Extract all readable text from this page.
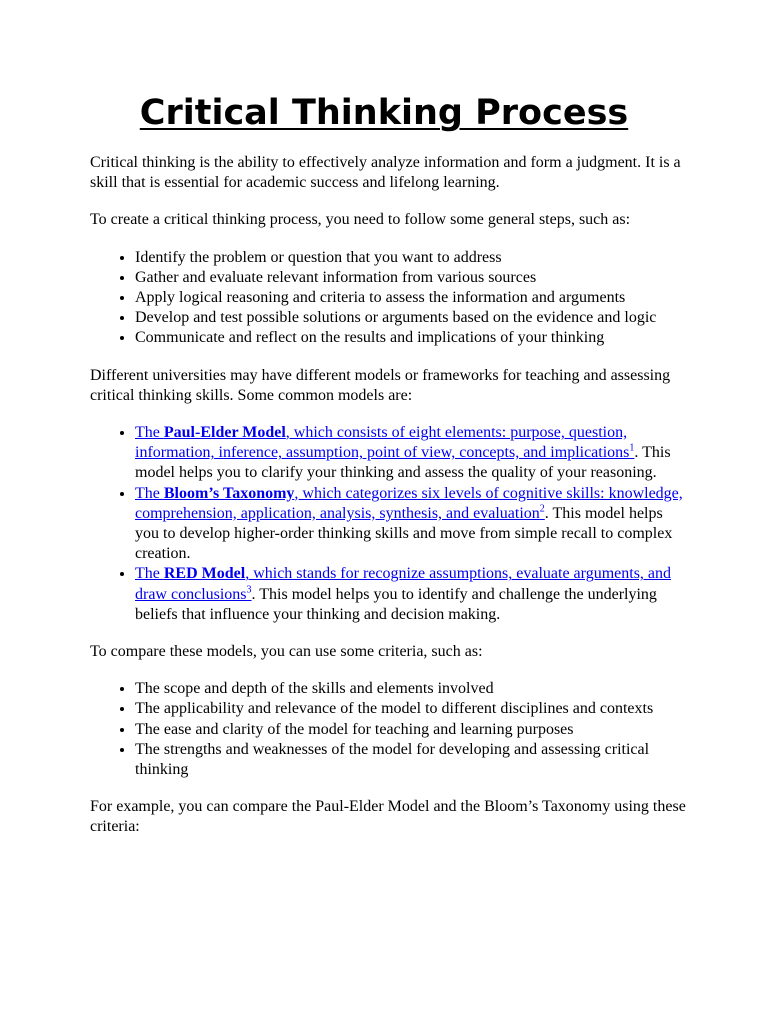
Critical Thinking Process

Critical thinking is the ability to effectively analyze information and form a judgment. It is a skill that is essential for academic success and lifelong learning.

To create a critical thinking process, you need to follow some general steps, such as:

• Identify the problem or question that you want to address
• Gather and evaluate relevant information from various sources
• Apply logical reasoning and criteria to assess the information and arguments
• Develop and test possible solutions or arguments based on the evidence and logic
• Communicate and reflect on the results and implications of your thinking

Different universities may have different models or frameworks for teaching and assessing critical thinking skills. Some common models are:

• The Paul-Elder Model, which consists of eight elements: purpose, question, information, inference, assumption, point of view, concepts, and implications$^1$. This model helps you to clarify your thinking and assess the quality of your reasoning.
• The Bloom’s Taxonomy, which categorizes six levels of cognitive skills: knowledge, comprehension, application, analysis, synthesis, and evaluation$^2$. This model helps you to develop higher-order thinking skills and move from simple recall to complex creation.
• The RED Model, which stands for recognize assumptions, evaluate arguments, and draw conclusions$^3$. This model helps you to identify and challenge the underlying beliefs that influence your thinking and decision making.

To compare these models, you can use some criteria, such as:

• The scope and depth of the skills and elements involved
• The applicability and relevance of the model to different disciplines and contexts
• The ease and clarity of the model for teaching and learning purposes
• The strengths and weaknesses of the model for developing and assessing critical thinking

For example, you can compare the Paul-Elder Model and the Bloom’s Taxonomy using these criteria:
